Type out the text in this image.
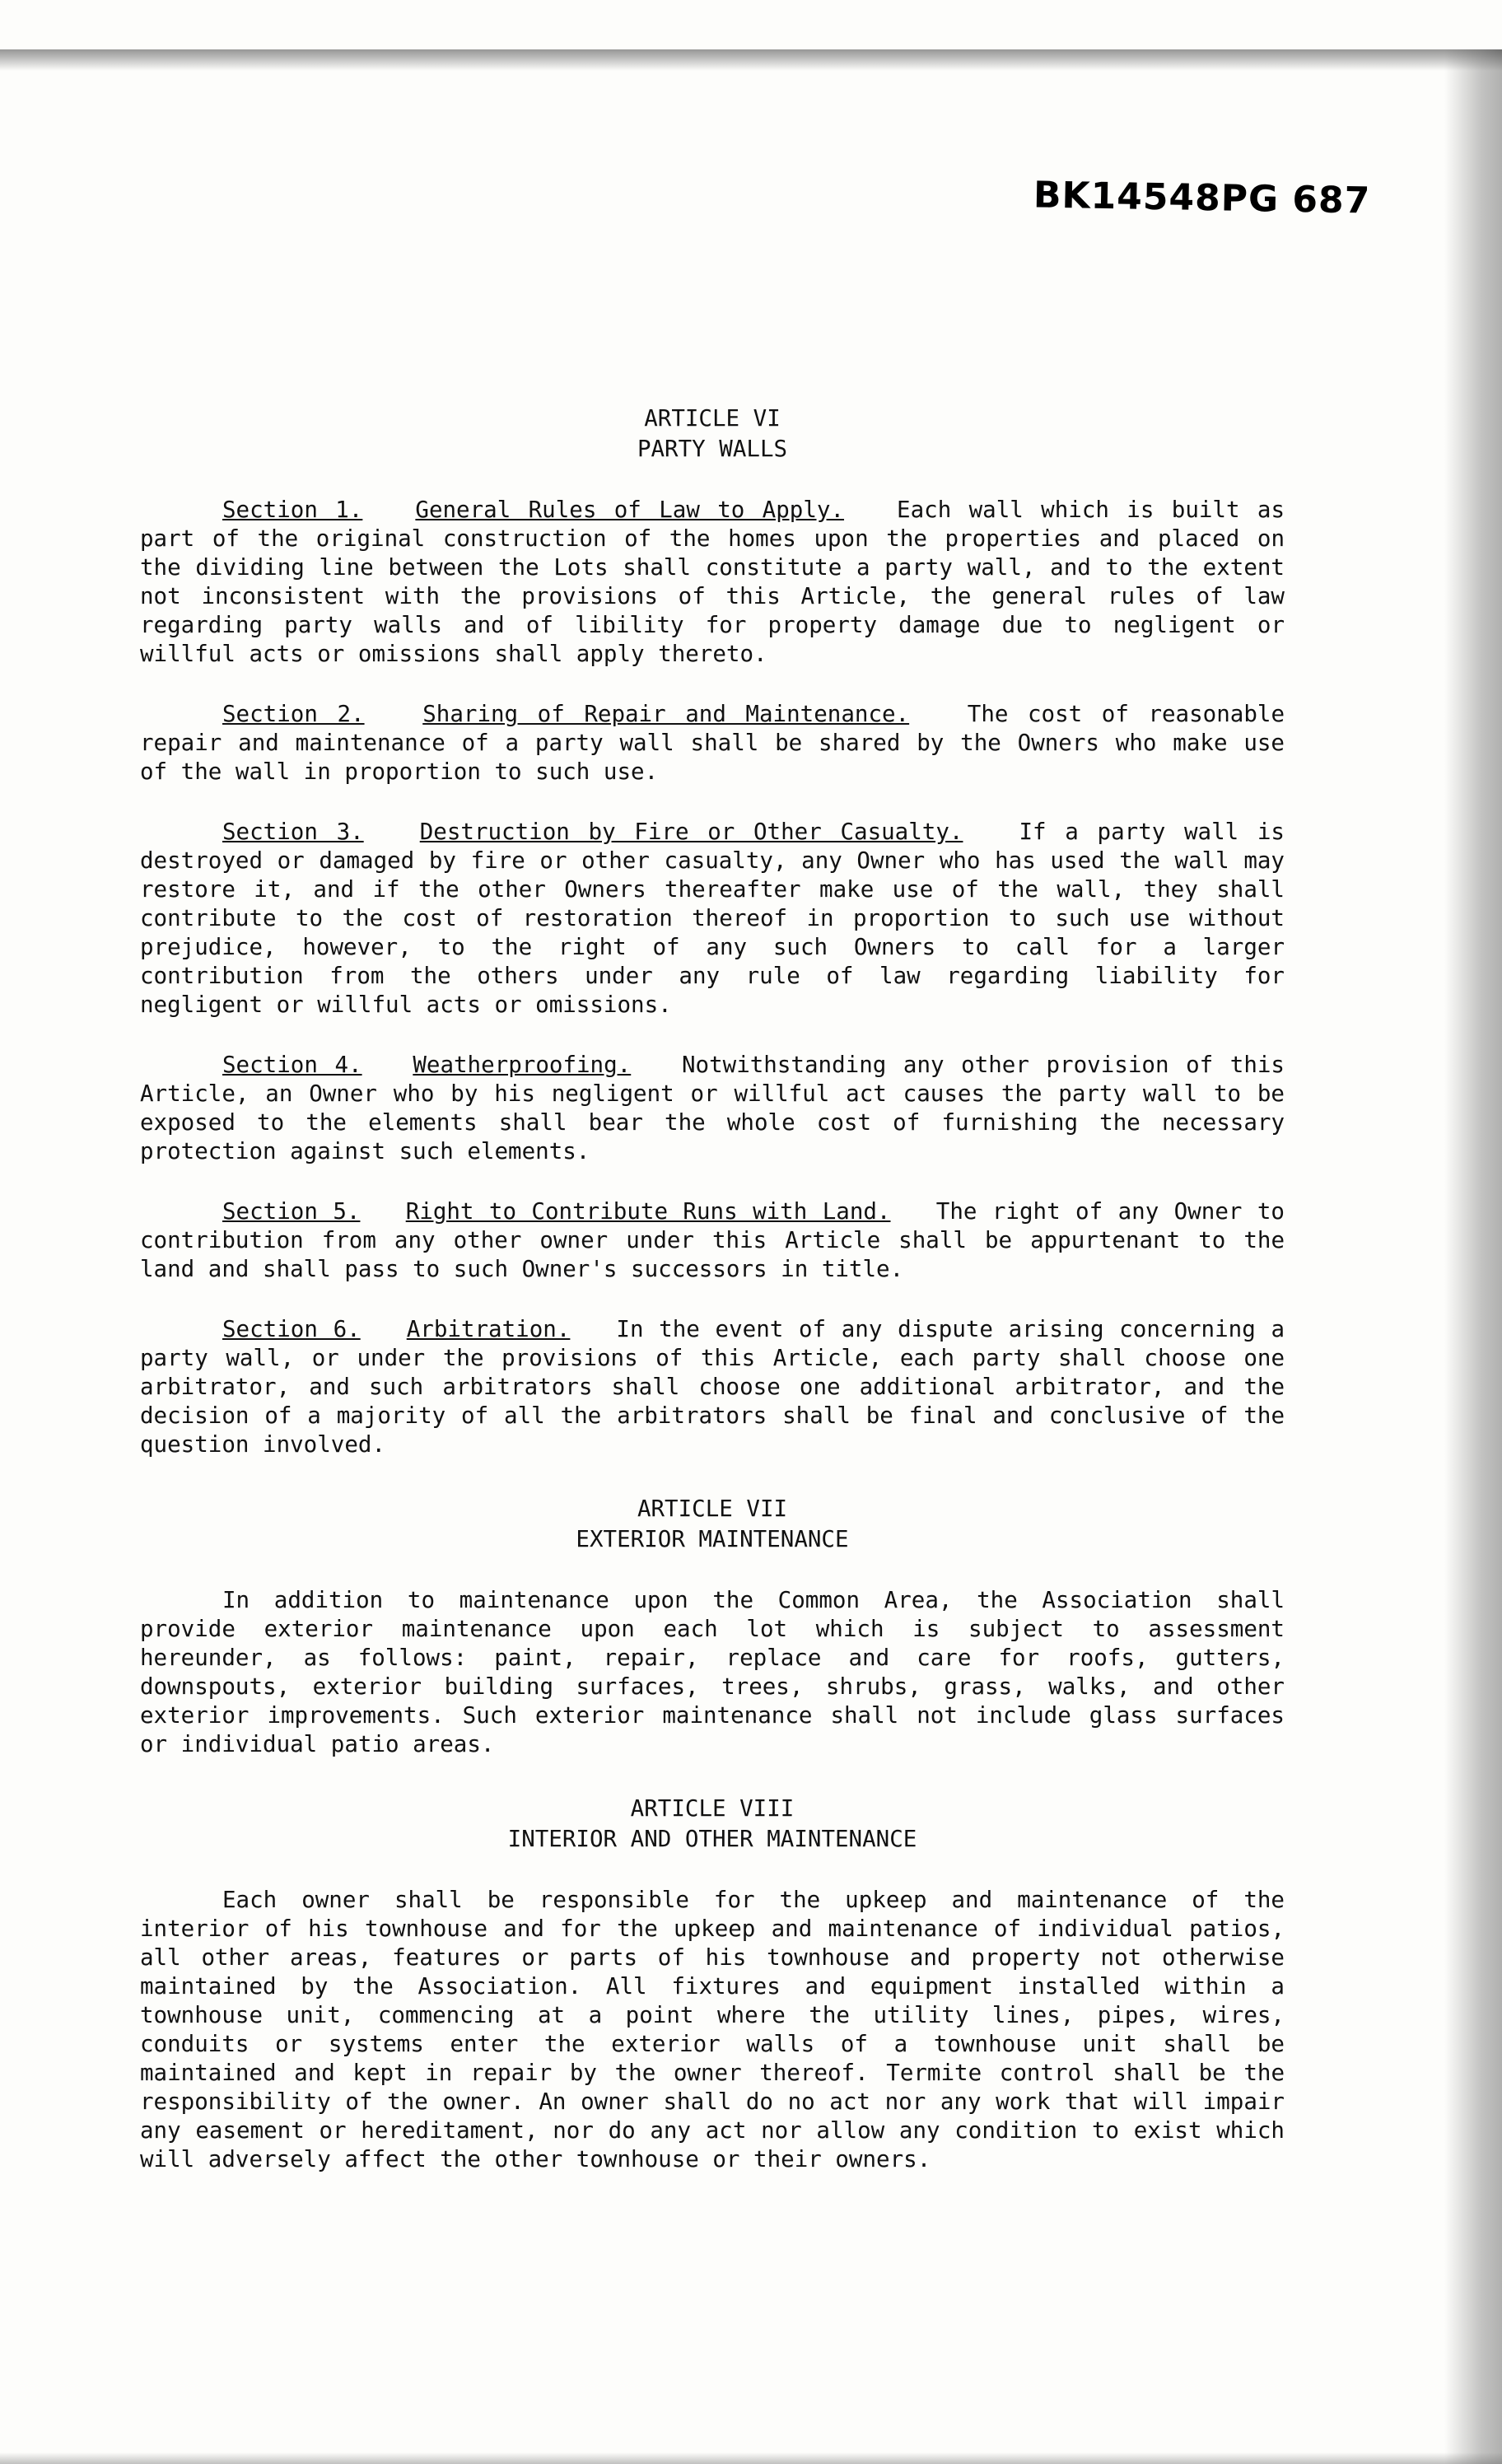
BK14548PG 687

ARTICLE VI

PARTY WALLS

Section 1. General Rules of Law to Apply. Each wall which is built as part of the original construction of the homes upon the properties and placed on the dividing line between the Lots shall constitute a party wall, and to the extent not inconsistent with the provisions of this Article, the general rules of law regarding party walls and of libility for property damage due to negligent or willful acts or omissions shall apply thereto.

Section 2.	Sharing of Repair and Maintenance.	The cost of reasonable repair and maintenance of a party wall shall be shared by the Owners who make use of the wall in proportion to such use.

Section 3. Destruction by Fire or Other Casualty. If a party wall is destroyed or damaged by fire or other casualty, any Owner who has used the wall may restore it, and if the other Owners thereafter make use of the wall, they shall contribute to the cost of restoration thereof in proportion to such use without prejudice, however, to the right of any such Owners to call for a larger contribution from the others under any rule of law regarding liability for negligent or willful acts or omissions.

Section 4. Weatherproofing. Notwithstanding any other provision of this Article, an Owner who by his negligent or willful act causes the party wall to be exposed to the elements shall bear the whole cost of furnishing the necessary protection against such elements.

Section 5. Right to Contribute Runs with Land. The right of any Owner to contribution from any other owner under this Article shall be appurtenant to the land and shall pass to such Owner's successors in title.

Section 6. Arbitration. In the event of any dispute arising concerning a party wall, or under the provisions of this Article, each party shall choose one arbitrator, and such arbitrators shall choose one additional arbitrator, and the decision of a majority of all the arbitrators shall be final and conclusive of the question involved.

ARTICLE VII

EXTERIOR MAINTENANCE

In addition to maintenance upon the Common Area, the Association shall provide exterior maintenance upon each lot which is subject to assessment hereunder, as follows: paint, repair, replace and care for roofs, gutters, downspouts, exterior building surfaces, trees, shrubs, grass, walks, and other exterior improvements. Such exterior maintenance shall not include glass surfaces or individual patio areas.

ARTICLE VIII

INTERIOR AND OTHER MAINTENANCE

Each owner shall be responsible for the upkeep and maintenance of the interior of his townhouse and for the upkeep and maintenance of individual patios, all other areas, features or parts of his townhouse and property not otherwise maintained by the Association. All fixtures and equipment installed within a townhouse unit, commencing at a point where the utility lines, pipes, wires, conduits or systems enter the exterior walls of a townhouse unit shall be maintained and kept in repair by the owner thereof. Termite control shall be the responsibility of the owner. An owner shall do no act nor any work that will impair any easement or hereditament, nor do any act nor allow any condition to exist which will adversely affect the other townhouse or their owners.
